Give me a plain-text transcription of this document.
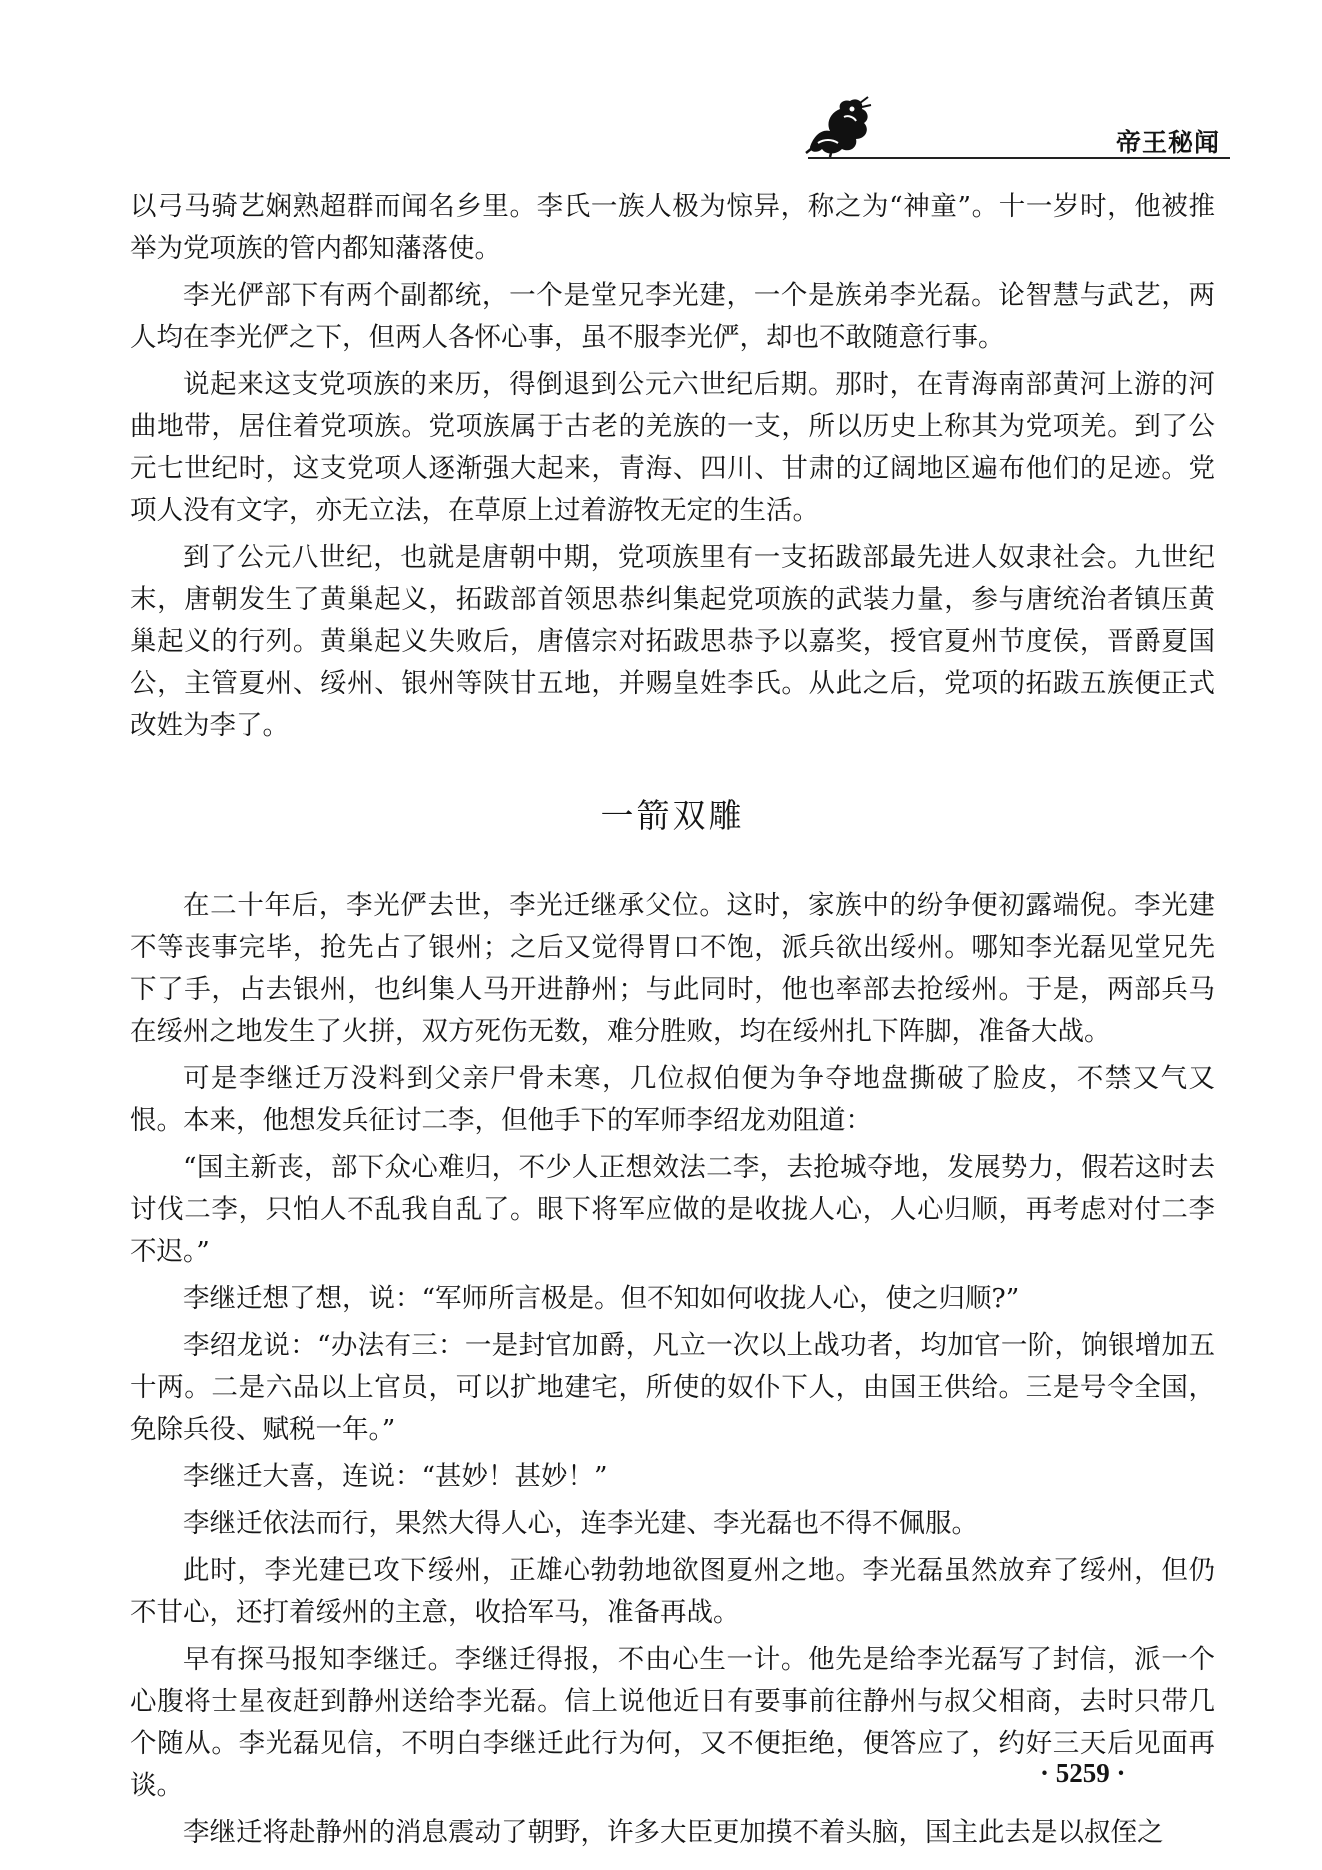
帝王秘闻

以弓马骑艺娴熟超群而闻名乡里。李氏一族人极为惊异，称之为“神童”。十一岁时，他被推举为党项族的管内都知藩落使。

李光俨部下有两个副都统，一个是堂兄李光建，一个是族弟李光磊。论智慧与武艺，两人均在李光俨之下，但两人各怀心事，虽不服李光俨，却也不敢随意行事。

说起来这支党项族的来历，得倒退到公元六世纪后期。那时，在青海南部黄河上游的河曲地带，居住着党项族。党项族属于古老的羌族的一支，所以历史上称其为党项羌。到了公元七世纪时，这支党项人逐渐强大起来，青海、四川、甘肃的辽阔地区遍布他们的足迹。党项人没有文字，亦无立法，在草原上过着游牧无定的生活。

到了公元八世纪，也就是唐朝中期，党项族里有一支拓跋部最先进人奴隶社会。九世纪末，唐朝发生了黄巢起义，拓跋部首领思恭纠集起党项族的武装力量，参与唐统治者镇压黄巢起义的行列。黄巢起义失败后，唐僖宗对拓跋思恭予以嘉奖，授官夏州节度侯，晋爵夏国公，主管夏州、绥州、银州等陕甘五地，并赐皇姓李氏。从此之后，党项的拓跋五族便正式改姓为李了。

一箭双雕

在二十年后，李光俨去世，李光迁继承父位。这时，家族中的纷争便初露端倪。李光建不等丧事完毕，抢先占了银州；之后又觉得胃口不饱，派兵欲出绥州。哪知李光磊见堂兄先下了手，占去银州，也纠集人马开进静州；与此同时，他也率部去抢绥州。于是，两部兵马在绥州之地发生了火拼，双方死伤无数，难分胜败，均在绥州扎下阵脚，准备大战。

可是李继迁万没料到父亲尸骨未寒，几位叔伯便为争夺地盘撕破了脸皮，不禁又气又恨。本来，他想发兵征讨二李，但他手下的军师李绍龙劝阻道：

“国主新丧，部下众心难归，不少人正想效法二李，去抢城夺地，发展势力，假若这时去讨伐二李，只怕人不乱我自乱了。眼下将军应做的是收拢人心，人心归顺，再考虑对付二李不迟。”

李继迁想了想，说：“军师所言极是。但不知如何收拢人心，使之归顺?”

李绍龙说：“办法有三：一是封官加爵，凡立一次以上战功者，均加官一阶，饷银增加五十两。二是六品以上官员，可以扩地建宅，所使的奴仆下人，由国王供给。三是号令全国，免除兵役、赋税一年。”

李继迁大喜，连说：“甚妙！甚妙！”

李继迁依法而行，果然大得人心，连李光建、李光磊也不得不佩服。

此时，李光建已攻下绥州，正雄心勃勃地欲图夏州之地。李光磊虽然放弃了绥州，但仍不甘心，还打着绥州的主意，收拾军马，准备再战。

早有探马报知李继迁。李继迁得报，不由心生一计。他先是给李光磊写了封信，派一个心腹将士星夜赶到静州送给李光磊。信上说他近日有要事前往静州与叔父相商，去时只带几个随从。李光磊见信，不明白李继迁此行为何，又不便拒绝，便答应了，约好三天后见面再谈。

李继迁将赴静州的消息震动了朝野，许多大臣更加摸不着头脑，国主此去是以叔侄之

· 5259 ·
